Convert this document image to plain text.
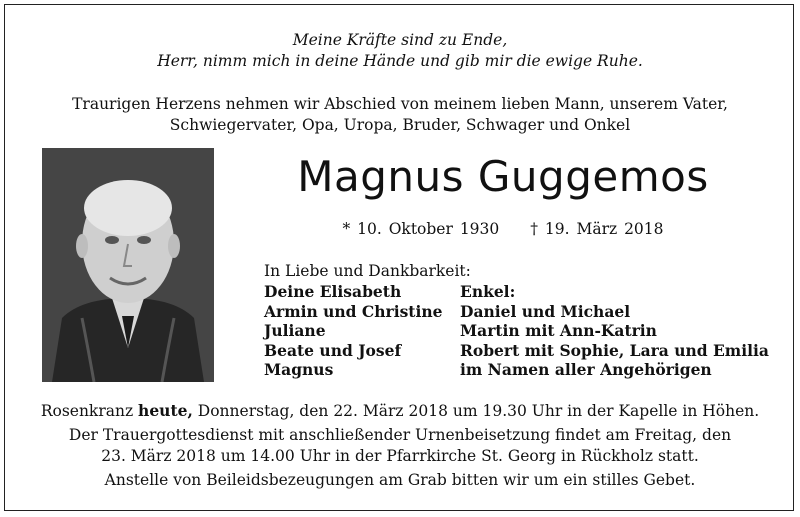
Meine Kräfte sind zu Ende,
Herr, nimm mich in deine Hände und gib mir die ewige Ruhe.
Traurigen Herzens nehmen wir Abschied von meinem lieben Mann, unserem Vater,
Schwiegervater, Opa, Uropa, Bruder, Schwager und Onkel
Magnus Guggemos
* 10. Oktober 1930 † 19. März 2018
In Liebe und Dankbarkeit:
Deine Elisabeth
Armin und Christine
Juliane
Beate und Josef
Magnus
Enkel:
Daniel und Michael
Martin mit Ann-Katrin
Robert mit Sophie, Lara und Emilia
im Namen aller Angehörigen

Rosenkranz heute, Donnerstag, den 22. März 2018 um 19.30 Uhr in der Kapelle in Höhen.

Der Trauergottesdienst mit anschließender Urnenbeisetzung findet am Freitag, den

23. März 2018 um 14.00 Uhr in der Pfarrkirche St. Georg in Rückholz statt.

Anstelle von Beileidsbezeugungen am Grab bitten wir um ein stilles Gebet.
